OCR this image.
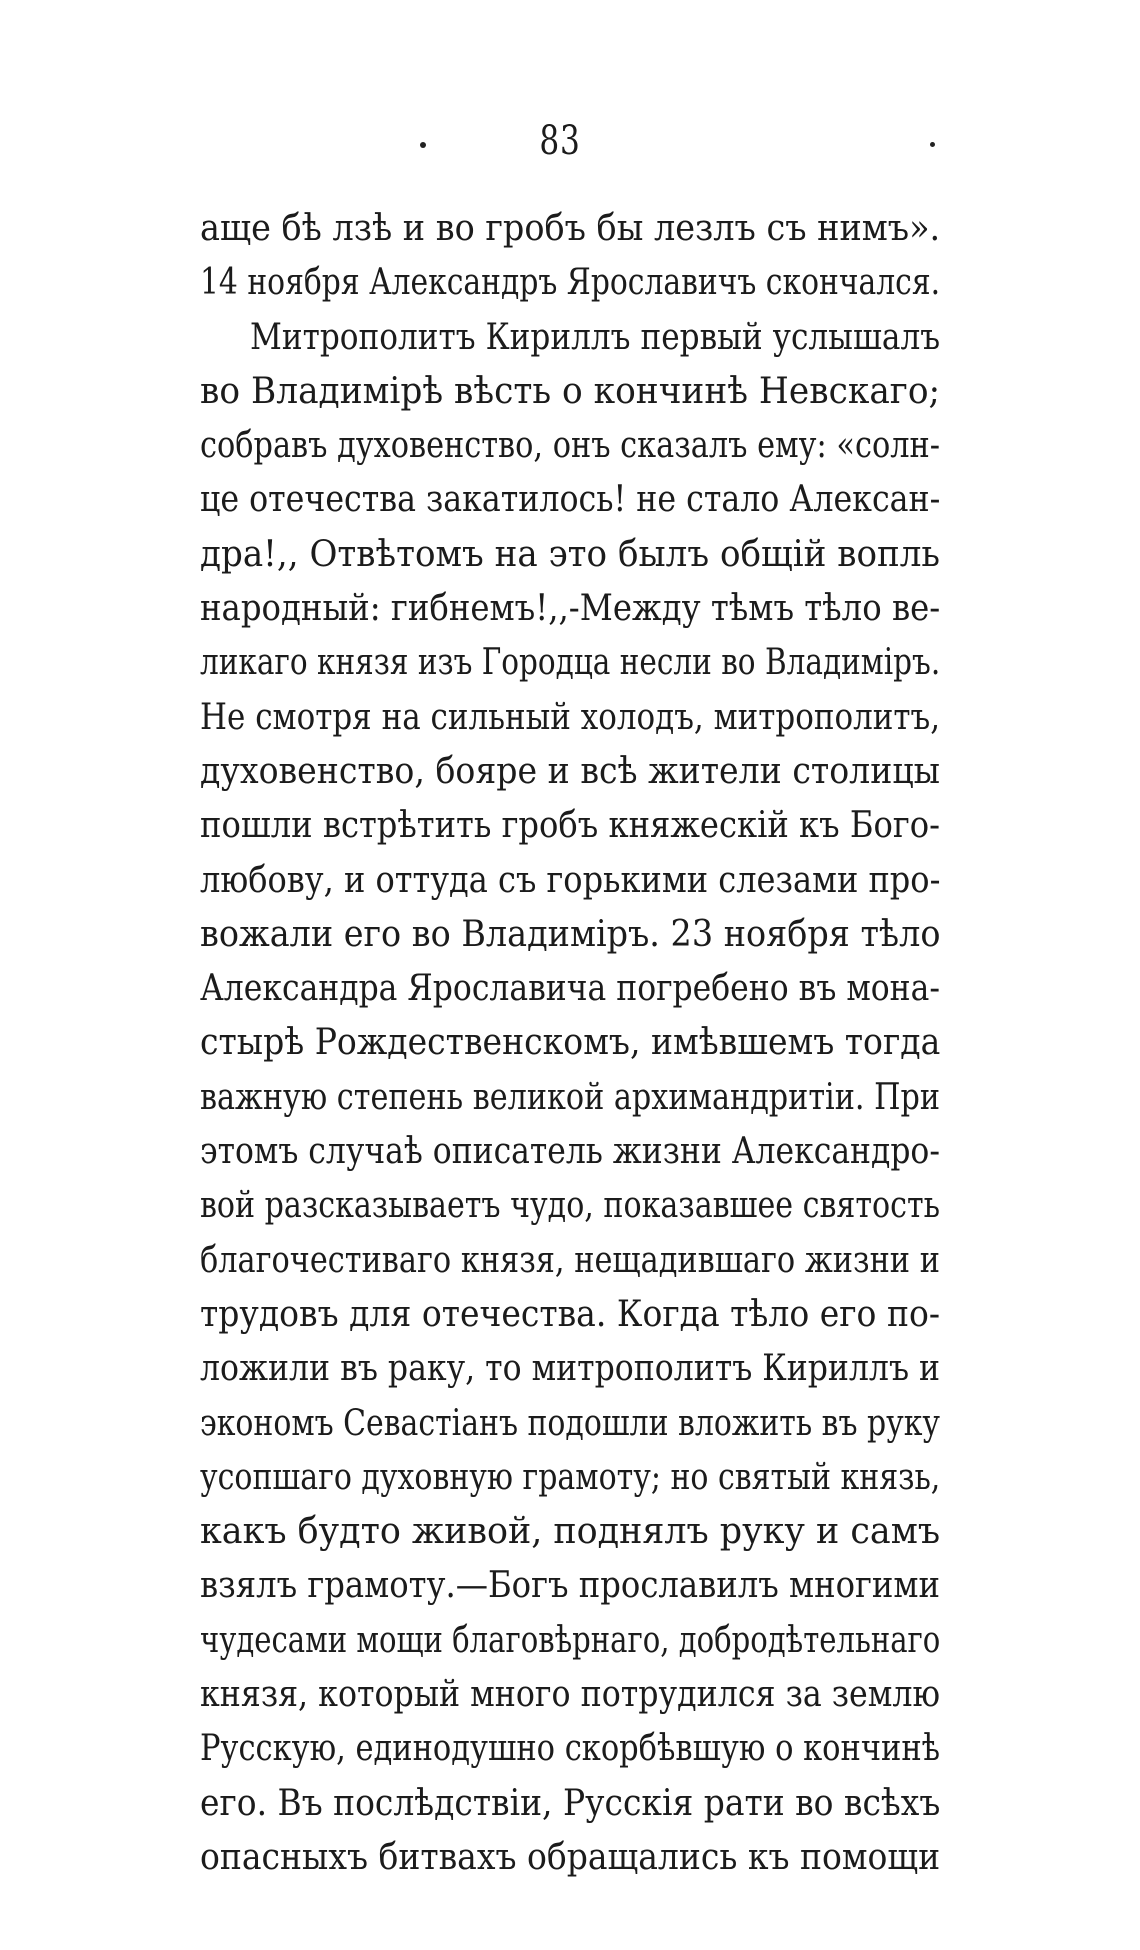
83
аще бѣ лзѣ и во гробъ бы лезлъ съ нимъ».
14 ноября Александръ Ярославичъ скончался.
Митрополитъ Кириллъ первый услышалъ
во Владимірѣ вѣсть о кончинѣ Невскаго;
собравъ духовенство, онъ сказалъ ему: «солн-
це отечества закатилось! не стало Алексан-
дра!,, Отвѣтомъ на это былъ общій вопль
народный: гибнемъ!,,-Между тѣмъ тѣло ве-
ликаго князя изъ Городца несли во Владиміръ.
Не смотря на сильный холодъ, митрополитъ,
духовенство, бояре и всѣ жители столицы
пошли встрѣтить гробъ княжескій къ Бого-
любову, и оттуда съ горькими слезами про-
вожали его во Владиміръ. 23 ноября тѣло
Александра Ярославича погребено въ мона-
стырѣ Рождественскомъ, имѣвшемъ тогда
важную степень великой архимандритіи. При
этомъ случаѣ описатель жизни Александро-
вой разсказываетъ чудо, показавшее святость
благочестиваго князя, нещадившаго жизни и
трудовъ для отечества. Когда тѣло его по-
ложили въ раку, то митрополитъ Кириллъ и
экономъ Севастіанъ подошли вложить въ руку
усопшаго духовную грамоту; но святый князь,
какъ будто живой, поднялъ руку и самъ
взялъ грамоту.—Богъ прославилъ многими
чудесами мощи благовѣрнаго, добродѣтельнаго
князя, который много потрудился за землю
Русскую, единодушно скорбѣвшую о кончинѣ
его. Въ послѣдствіи, Русскія рати во всѣхъ
опасныхъ битвахъ обращались къ помощи
